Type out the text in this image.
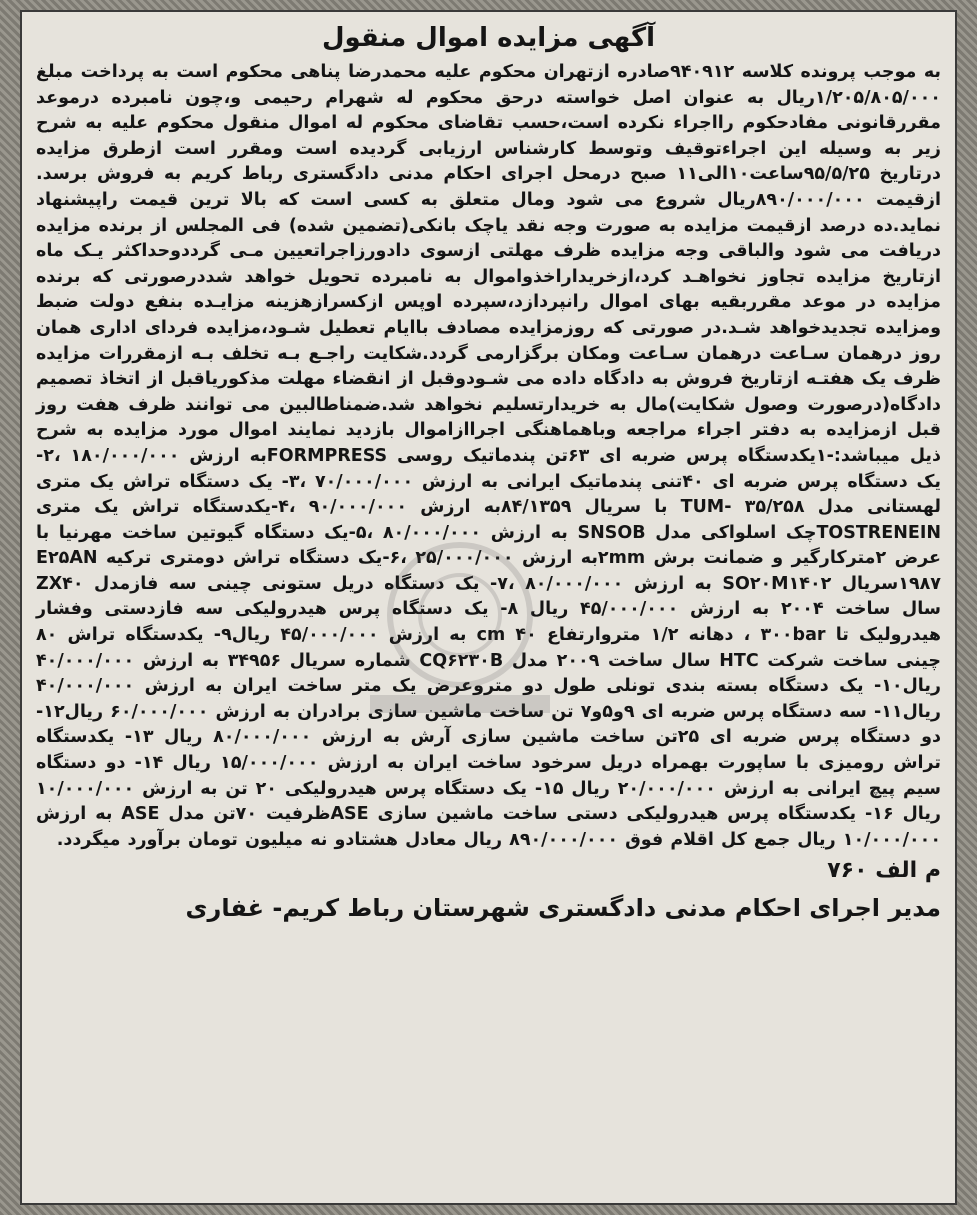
آگهی مزایده اموال منقول

به موجب پرونده کلاسه ۹۴۰۹۱۲صادره ازتهران محکوم علیه محمدرضا پناهی محکوم است به پرداخت مبلغ ۱/۲۰۵/۸۰۵/۰۰۰ریال به عنوان اصل خواسته درحق محکوم له شهرام رحیمی و،چون نامبرده درموعد مقررقانونی مفادحکوم رااجراء نکرده است،حسب تقاضای محکوم له اموال منقول محکوم علیه به شرح زیر به وسیله این اجراءتوقیف وتوسط کارشناس ارزیابی گردیده است ومقرر است ازطرق مزایده درتاریخ ۹۵/۵/۲۵ساعت۱۰الی۱۱ صبح درمحل اجرای احکام مدنی دادگستری رباط کریم به فروش برسد. ازقیمت ۸۹۰/۰۰۰/۰۰۰ریال شروع می شود ومال متعلق به کسی است که بالا ترین قیمت راپیشنهاد نماید.ده درصد ازقیمت مزایده به صورت وجه نقد یاچک بانکی(تضمین شده) فی المجلس از برنده مزایده دریافت می شود والباقی وجه مزایده ظرف مهلتی ازسوی دادورزاجراتعیین مـی گرددوحداکثر یـک ماه ازتاریخ مزایده تجاوز نخواهـد کرد،ازخریداراخذواموال به نامبرده تحویل خواهد شددرصورتی که برنده مزایده در موعد مقرربقیه بهای اموال رانپردازد،سپرده اوپس ازکسرازهزینه مزایـده بنفع دولت ضبط ومزایده تجدیدخواهد شـد.در صورتی که روزمزایده مصادف باایام تعطیل شـود،مزایده فردای اداری همان روز درهمان سـاعت درهمان سـاعت ومکان برگزارمی گردد.شکایت راجـع بـه تخلف بـه ازمقررات مزایده ظرف یک هفتـه ازتاریخ فروش به دادگاه داده می شـودوقبل از انقضاء مهلت مذکوریاقبل از اتخاذ تصمیم دادگاه(درصورت وصول شکایت)مال به خریدارتسلیم نخواهد شد.ضمناطالبین می توانند ظرف هفت روز قبل ازمزایده به دفتر اجراء مراجعه وباهماهنگی اجراازاموال بازدید نمایند اموال مورد مزایده به شرح ذیل میباشد:-۱یکدستگاه پرس ضربه ای ۶۳تن پندماتیک روسی FORMPRESSبه ارزش ۱۸۰/۰۰۰/۰۰۰ ،۲- یک دستگاه پرس ضربه ای ۴۰تنی پندماتیک ایرانی به ارزش ۷۰/۰۰۰/۰۰۰ ،۳- یک دستگاه تراش یک متری لهستانی مدل TUM- ۳۵/۲۵۸ با سریال ۸۴/۱۳۵۹به ارزش ۹۰/۰۰۰/۰۰۰ ،۴-یکدستگاه تراش یک متری TOSTRENEINچک اسلواکی مدل SNSOB به ارزش ۸۰/۰۰۰/۰۰۰ ،۵-یک دستگاه گیوتین ساخت مهرنیا با عرض ۲مترکارگیر و ضمانت برش ۲mmبه ارزش ۲۵/۰۰۰/۰۰۰ ،۶-یک دستگاه تراش دومتری ترکیه E۲۵AN ۱۹۸۷سریال SO۲۰M۱۴۰۲ به ارزش ۸۰/۰۰۰/۰۰۰ ،۷- یک دستگاه دریل ستونی چینی سه فازمدل ZX۴۰ سال ساخت ۲۰۰۴ به ارزش ۴۵/۰۰۰/۰۰۰ ریال ۸- یک دستگاه پرس هیدرولیکی سه فازدستی وفشار هیدرولیک تا ۳۰۰bar ، دهانه ۱/۲ متروارتفاع ۴۰ cm به ارزش ۴۵/۰۰۰/۰۰۰ ریال۹- یکدستگاه تراش ۸۰ چینی ساخت شرکت HTC سال ساخت ۲۰۰۹ مدل CQ۶۲۳۰B شماره سریال ۳۴۹۵۶ به ارزش ۴۰/۰۰۰/۰۰۰ ریال۱۰- یک دستگاه بسته بندی تونلی طول دو متروعرض یک متر ساخت ایران به ارزش ۴۰/۰۰۰/۰۰۰ ریال۱۱- سه دستگاه پرس ضربه ای ۹و۵و۷ تن ساخت ماشین سازی برادران به ارزش ۶۰/۰۰۰/۰۰۰ ریال۱۲- دو دستگاه پرس ضربه ای ۲۵تن ساخت ماشین سازی آرش به ارزش ۸۰/۰۰۰/۰۰۰ ریال ۱۳- یکدستگاه تراش رومیزی با ساپورت بهمراه دریل سرخود ساخت ایران به ارزش ۱۵/۰۰۰/۰۰۰ ریال ۱۴- دو دستگاه سیم پیچ ایرانی به ارزش ۲۰/۰۰۰/۰۰۰ ریال ۱۵- یک دستگاه پرس هیدرولیکی ۲۰ تن به ارزش ۱۰/۰۰۰/۰۰۰ ریال ۱۶- یکدستگاه پرس هیدرولیکی دستی ساخت ماشین سازی ASEظرفیت ۷۰تن مدل ASE به ارزش ۱۰/۰۰۰/۰۰۰ ریال جمع کل اقلام فوق ۸۹۰/۰۰۰/۰۰۰ ریال معادل هشتادو نه میلیون تومان برآورد میگردد.

م الف ۷۶۰
مدیر اجرای احکام مدنی دادگستری شهرستان رباط کریم- غفاری
